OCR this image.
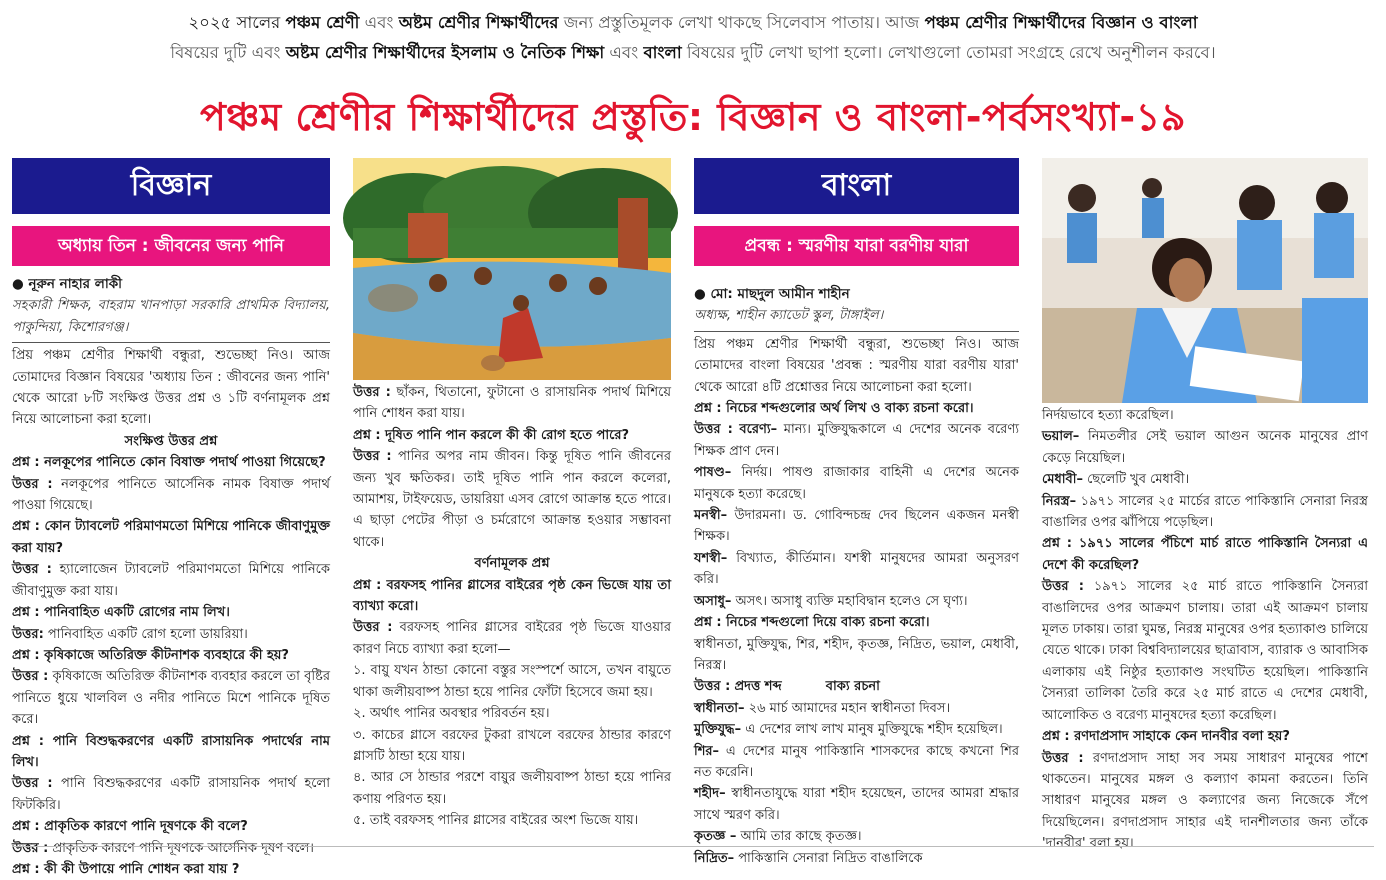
২০২৫ সালের পঞ্চম শ্রেণী এবং অষ্টম শ্রেণীর শিক্ষার্থীদের জন্য প্রস্তুতিমূলক লেখা থাকছে সিলেবাস পাতায়। আজ পঞ্চম শ্রেণীর শিক্ষার্থীদের বিজ্ঞান ও বাংলা
বিষয়ের দুটি এবং অষ্টম শ্রেণীর শিক্ষার্থীদের ইসলাম ও নৈতিক শিক্ষা এবং বাংলা বিষয়ের দুটি লেখা ছাপা হলো। লেখাগুলো তোমরা সংগ্রহে রেখে অনুশীলন করবে।
পঞ্চম শ্রেণীর শিক্ষার্থীদের প্রস্তুতি: বিজ্ঞান ও বাংলা-পর্বসংখ্যা-১৯
বিজ্ঞান
অধ্যায় তিন : জীবনের জন্য পানি

● নূরুন নাহার লাকী

সহকারী শিক্ষক, বাহরাম খানপাড়া সরকারি প্রাথমিক বিদ্যালয়, পাকুন্দিয়া, কিশোরগঞ্জ।

প্রিয় পঞ্চম শ্রেণীর শিক্ষার্থী বন্ধুরা, শুভেচ্ছা নিও। আজ তোমাদের বিজ্ঞান বিষয়ের 'অধ্যায় তিন : জীবনের জন্য পানি' থেকে আরো ৮টি সংক্ষিপ্ত উত্তর প্রশ্ন ও ১টি বর্ণনামূলক প্রশ্ন নিয়ে আলোচনা করা হলো।

সংক্ষিপ্ত উত্তর প্রশ্ন

প্রশ্ন : নলকূপের পানিতে কোন বিষাক্ত পদার্থ পাওয়া গিয়েছে?

উত্তর : নলকূপের পানিতে আর্সেনিক নামক বিষাক্ত পদার্থ পাওয়া গিয়েছে।

প্রশ্ন : কোন ট্যাবলেট পরিমাণমতো মিশিয়ে পানিকে জীবাণুমুক্ত করা যায়?

উত্তর : হ্যালোজেন ট্যাবলেট পরিমাণমতো মিশিয়ে পানিকে জীবাণুমুক্ত করা যায়।

প্রশ্ন : পানিবাহিত একটি রোগের নাম লিখ।

উত্তর: পানিবাহিত একটি রোগ হলো ডায়রিয়া।

প্রশ্ন : কৃষিকাজে অতিরিক্ত কীটনাশক ব্যবহারে কী হয়?

উত্তর : কৃষিকাজে অতিরিক্ত কীটনাশক ব্যবহার করলে তা বৃষ্টির পানিতে ধুয়ে খালবিল ও নদীর পানিতে মিশে পানিকে দূষিত করে।

প্রশ্ন : পানি বিশুদ্ধকরণের একটি রাসায়নিক পদার্থের নাম লিখ।

উত্তর : পানি বিশুদ্ধকরণের একটি রাসায়নিক পদার্থ হলো ফিটকিরি।

প্রশ্ন : প্রাকৃতিক কারণে পানি দূষণকে কী বলে?

উত্তর : প্রাকৃতিক কারণে পানি দূষণকে আর্সেনিক দূষণ বলে।

প্রশ্ন : কী কী উপায়ে পানি শোধন করা যায় ?

উত্তর : ছাঁকন, থিতানো, ফুটানো ও রাসায়নিক পদার্থ মিশিয়ে পানি শোধন করা যায়।

প্রশ্ন : দূষিত পানি পান করলে কী কী রোগ হতে পারে?

উত্তর : পানির অপর নাম জীবন। কিন্তু দূষিত পানি জীবনের জন্য খুব ক্ষতিকর। তাই দূষিত পানি পান করলে কলেরা, আমাশয়, টাইফয়েড, ডায়রিয়া এসব রোগে আক্রান্ত হতে পারে। এ ছাড়া পেটের পীড়া ও চর্মরোগে আক্রান্ত হওয়ার সম্ভাবনা থাকে।

বর্ণনামূলক প্রশ্ন

প্রশ্ন : বরফসহ পানির গ্লাসের বাইরের পৃষ্ঠ কেন ভিজে যায় তা ব্যাখ্যা করো।

উত্তর : বরফসহ পানির গ্লাসের বাইরের পৃষ্ঠ ভিজে যাওয়ার কারণ নিচে ব্যাখ্যা করা হলো—

১. বায়ু যখন ঠান্ডা কোনো বস্তুর সংস্পর্শে আসে, তখন বায়ুতে থাকা জলীয়বাষ্প ঠান্ডা হয়ে পানির ফোঁটা হিসেবে জমা হয়।

২. অর্থাৎ পানির অবস্থার পরিবর্তন হয়।

৩. কাচের গ্লাসে বরফের টুকরা রাখলে বরফের ঠান্ডার কারণে গ্লাসটি ঠান্ডা হয়ে যায়।

৪. আর সে ঠান্ডার পরশে বায়ুর জলীয়বাষ্প ঠান্ডা হয়ে পানির কণায় পরিণত হয়।

৫. তাই বরফসহ পানির গ্লাসের বাইরের অংশ ভিজে যায়।

বাংলা
প্রবন্ধ : স্মরণীয় যারা বরণীয় যারা

● মো: মাছদুল আমীন শাহীন

অধ্যক্ষ, শাহীন ক্যাডেট স্কুল, টাঙ্গাইল।

প্রিয় পঞ্চম শ্রেণীর শিক্ষার্থী বন্ধুরা, শুভেচ্ছা নিও। আজ তোমাদের বাংলা বিষয়ের 'প্রবন্ধ : স্মরণীয় যারা বরণীয় যারা' থেকে আরো ৪টি প্রশ্নোত্তর নিয়ে আলোচনা করা হলো।

প্রশ্ন : নিচের শব্দগুলোর অর্থ লিখ ও বাক্য রচনা করো।

উত্তর : বরেণ্য– মান্য। মুক্তিযুদ্ধকালে এ দেশের অনেক বরেণ্য শিক্ষক প্রাণ দেন।

পাষণ্ড– নির্দয়। পাষণ্ড রাজাকার বাহিনী এ দেশের অনেক মানুষকে হত্যা করেছে।

মনস্বী– উদারমনা। ড. গোবিন্দচন্দ্র দেব ছিলেন একজন মনস্বী শিক্ষক।

যশস্বী– বিখ্যাত, কীর্তিমান। যশস্বী মানুষদের আমরা অনুসরণ করি।

অসাধু– অসৎ। অসাধু ব্যক্তি মহাবিদ্বান হলেও সে ঘৃণ্য।

প্রশ্ন : নিচের শব্দগুলো দিয়ে বাক্য রচনা করো।

স্বাধীনতা, মুক্তিযুদ্ধ, শির, শহীদ, কৃতজ্ঞ, নিদ্রিত, ভয়াল, মেধাবী, নিরস্ত্র।

উত্তর : প্রদত্ত শব্দ	বাক্য রচনা

স্বাধীনতা– ২৬ মার্চ আমাদের মহান স্বাধীনতা দিবস।

মুক্তিযুদ্ধ– এ দেশের লাখ লাখ মানুষ মুক্তিযুদ্ধে শহীদ হয়েছিল।

শির– এ দেশের মানুষ পাকিস্তানি শাসকদের কাছে কখনো শির নত করেনি।

শহীদ– স্বাধীনতাযুদ্ধে যারা শহীদ হয়েছেন, তাদের আমরা শ্রদ্ধার সাথে স্মরণ করি।

কৃতজ্ঞ – আমি তার কাছে কৃতজ্ঞ।

নিদ্রিত– পাকিস্তানি সেনারা নিদ্রিত বাঙালিকে

নির্দয়ভাবে হত্যা করেছিল।

ভয়াল– নিমতলীর সেই ভয়াল আগুন অনেক মানুষের প্রাণ কেড়ে নিয়েছিল।

মেধাবী– ছেলেটি খুব মেধাবী।

নিরস্ত্র– ১৯৭১ সালের ২৫ মার্চের রাতে পাকিস্তানি সেনারা নিরস্ত্র বাঙালির ওপর ঝাঁপিয়ে পড়েছিল।

প্রশ্ন : ১৯৭১ সালের পঁচিশে মার্চ রাতে পাকিস্তানি সৈন্যরা এ দেশে কী করেছিল?

উত্তর : ১৯৭১ সালের ২৫ মার্চ রাতে পাকিস্তানি সৈন্যরা বাঙালিদের ওপর আক্রমণ চালায়। তারা এই আক্রমণ চালায় মূলত ঢাকায়। তারা ঘুমন্ত, নিরস্ত্র মানুষের ওপর হত্যাকাণ্ড চালিয়ে যেতে থাকে। ঢাকা বিশ্ববিদ্যালয়ের ছাত্রাবাস, ব্যারাক ও আবাসিক এলাকায় এই নিষ্ঠুর হত্যাকাণ্ড সংঘটিত হয়েছিল। পাকিস্তানি সৈন্যরা তালিকা তৈরি করে ২৫ মার্চ রাতে এ দেশের মেধাবী, আলোকিত ও বরেণ্য মানুষদের হত্যা করেছিল।

প্রশ্ন : রণদাপ্রসাদ সাহাকে কেন দানবীর বলা হয়?

উত্তর : রণদাপ্রসাদ সাহা সব সময় সাধারণ মানুষের পাশে থাকতেন। মানুষের মঙ্গল ও কল্যাণ কামনা করতেন। তিনি সাধারণ মানুষের মঙ্গল ও কল্যাণের জন্য নিজেকে সঁপে দিয়েছিলেন। রণদাপ্রসাদ সাহার এই দানশীলতার জন্য তাঁকে 'দানবীর' বলা হয়।
